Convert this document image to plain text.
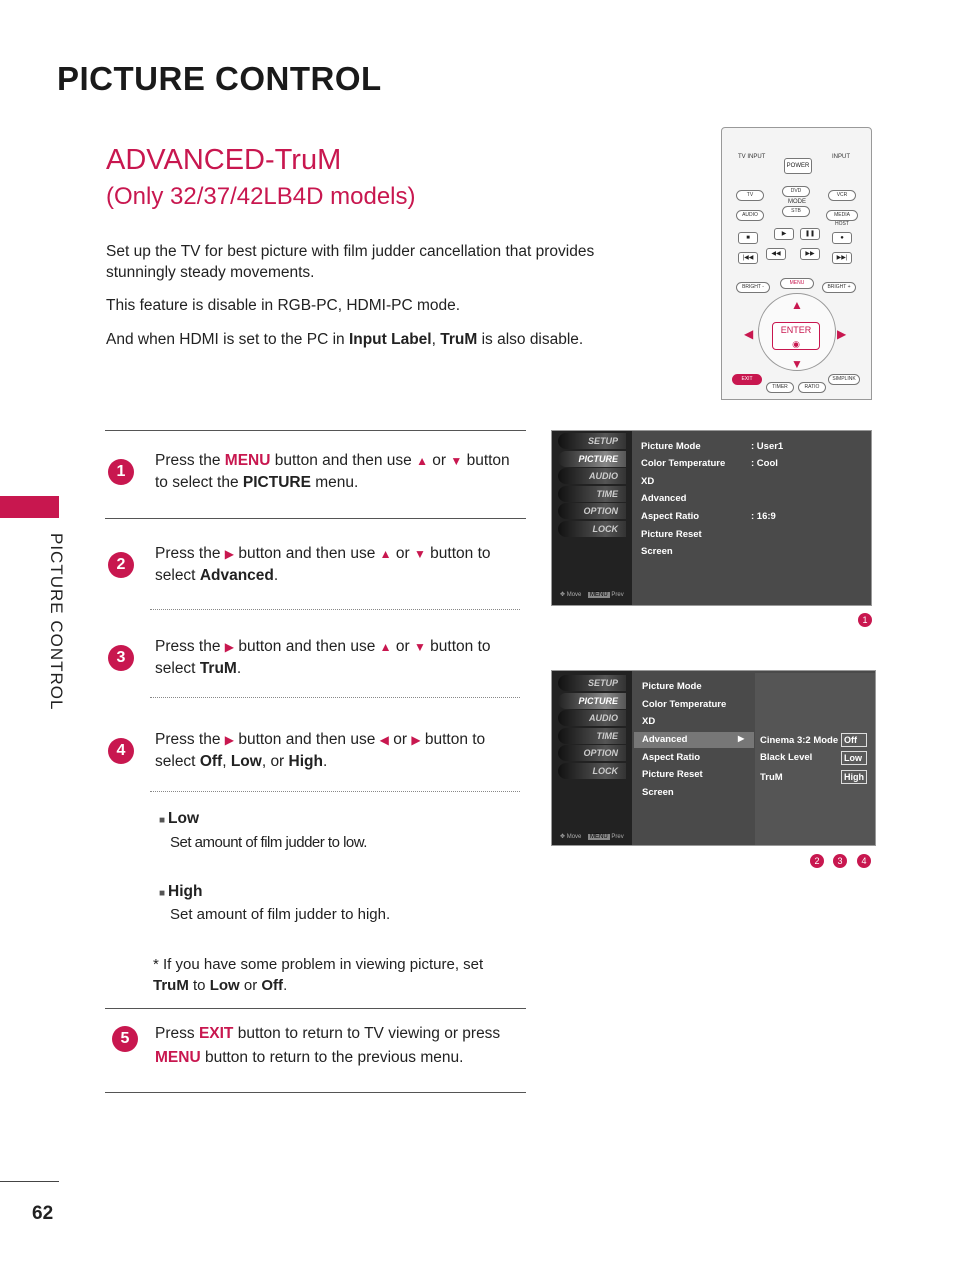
PICTURE CONTROL
ADVANCED-TruM
(Only 32/37/42LB4D models)
Set up the TV for best picture with film judder cancellation that provides stunningly steady movements.
This feature is disable in RGB-PC, HDMI-PC mode.
And when HDMI is set to the PC in Input Label, TruM is also disable.
PICTURE CONTROL
TV INPUT
POWER
INPUT
TV
DVD
VCR
MODE
AUDIO
STB
MEDIA HOST
■
▶	❚❚
●
|◀◀
◀◀	▶▶
▶▶|
BRIGHT -
MENU
BRIGHT +
▲
▼
◀	▶
ENTER
◉
EXIT
TIMER	RATIO
SIMPLINK
1
Press the MENU button and then use ▲ or ▼ button to select the PICTURE menu.
2
Press the ▶ button and then use ▲ or ▼ button to select Advanced.
3
Press the ▶ button and then use ▲ or ▼ button to select TruM.
4
Press the ▶ button and then use ◀ or ▶ button to select Off, Low, or High.
■ Low
Set amount of film judder to low.
■ High
Set amount of film judder to high.
* If you have some problem in viewing picture, set TruM to Low or Off.
5	Press EXIT button to return to TV viewing or press MENU button to return to the previous menu.
SETUP
PICTURE
AUDIO
TIME
OPTION
LOCK
✥ Move MENU Prev
Picture Mode	: User1
Color Temperature	: Cool
XD
Advanced
Aspect Ratio	: 16:9
Picture Reset
Screen
1
SETUP
PICTURE
AUDIO
TIME
OPTION
LOCK
✥ Move MENU Prev
Picture Mode
Color Temperature
XD
Advanced	▶
Aspect Ratio
Picture Reset
Screen
Cinema 3:2 Mode Off
Black Level	Low
TruM	High
2	3	4
62
